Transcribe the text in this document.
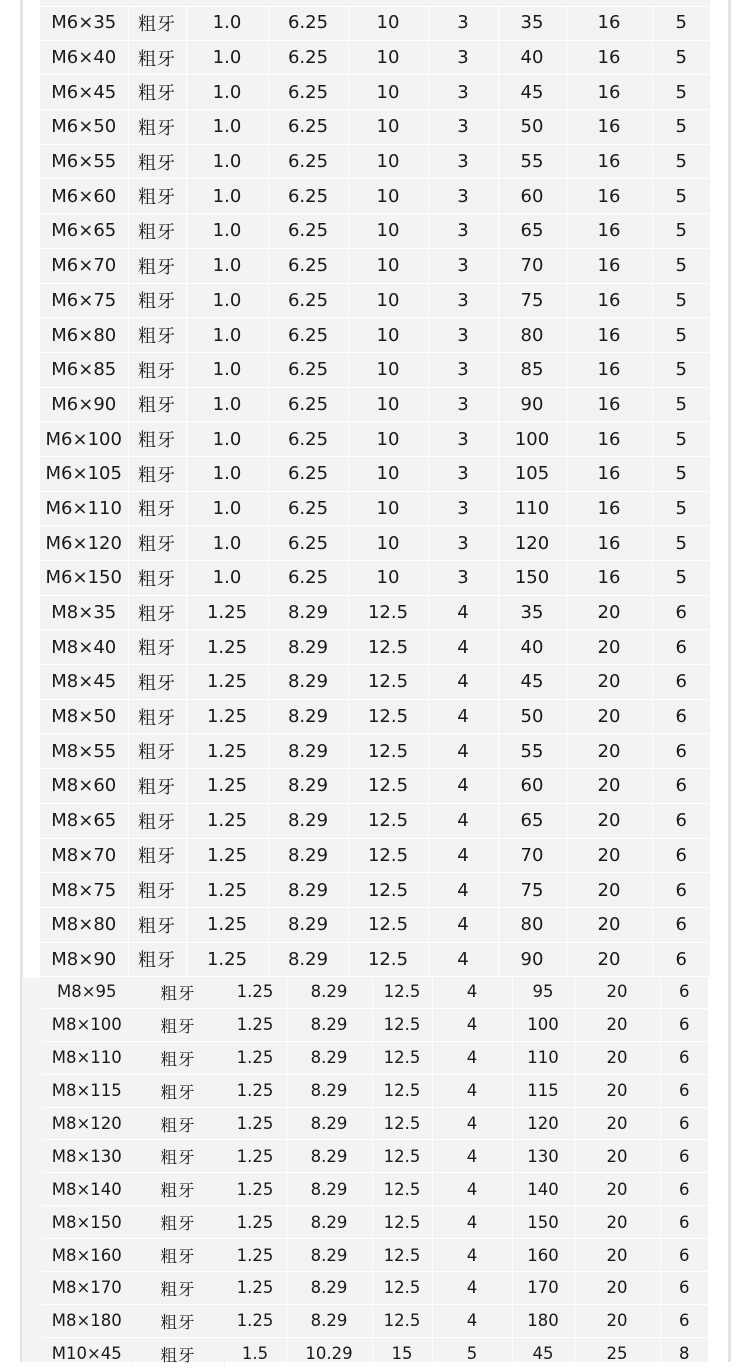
M6×35	粗牙	1.0	6.25	10	3	35	16	5
M6×40	粗牙	1.0	6.25	10	3	40	16	5
M6×45	粗牙	1.0	6.25	10	3	45	16	5
M6×50	粗牙	1.0	6.25	10	3	50	16	5
M6×55	粗牙	1.0	6.25	10	3	55	16	5
M6×60	粗牙	1.0	6.25	10	3	60	16	5
M6×65	粗牙	1.0	6.25	10	3	65	16	5
M6×70	粗牙	1.0	6.25	10	3	70	16	5
M6×75	粗牙	1.0	6.25	10	3	75	16	5
M6×80	粗牙	1.0	6.25	10	3	80	16	5
M6×85	粗牙	1.0	6.25	10	3	85	16	5
M6×90	粗牙	1.0	6.25	10	3	90	16	5
M6×100	粗牙	1.0	6.25	10	3	100	16	5
M6×105	粗牙	1.0	6.25	10	3	105	16	5
M6×110	粗牙	1.0	6.25	10	3	110	16	5
M6×120	粗牙	1.0	6.25	10	3	120	16	5
M6×150	粗牙	1.0	6.25	10	3	150	16	5
M8×35	粗牙	1.25	8.29	12.5	4	35	20	6
M8×40	粗牙	1.25	8.29	12.5	4	40	20	6
M8×45	粗牙	1.25	8.29	12.5	4	45	20	6
M8×50	粗牙	1.25	8.29	12.5	4	50	20	6
M8×55	粗牙	1.25	8.29	12.5	4	55	20	6
M8×60	粗牙	1.25	8.29	12.5	4	60	20	6
M8×65	粗牙	1.25	8.29	12.5	4	65	20	6
M8×70	粗牙	1.25	8.29	12.5	4	70	20	6
M8×75	粗牙	1.25	8.29	12.5	4	75	20	6
M8×80	粗牙	1.25	8.29	12.5	4	80	20	6
M8×90	粗牙	1.25	8.29	12.5	4	90	20	6
M8×95	粗牙	1.25	8.29	12.5	4	95	20	6
M8×100	粗牙	1.25	8.29	12.5	4	100	20	6
M8×110	粗牙	1.25	8.29	12.5	4	110	20	6
M8×115	粗牙	1.25	8.29	12.5	4	115	20	6
M8×120	粗牙	1.25	8.29	12.5	4	120	20	6
M8×130	粗牙	1.25	8.29	12.5	4	130	20	6
M8×140	粗牙	1.25	8.29	12.5	4	140	20	6
M8×150	粗牙	1.25	8.29	12.5	4	150	20	6
M8×160	粗牙	1.25	8.29	12.5	4	160	20	6
M8×170	粗牙	1.25	8.29	12.5	4	170	20	6
M8×180	粗牙	1.25	8.29	12.5	4	180	20	6
M10×45	粗牙	1.5	10.29	15	5	45	25	8
